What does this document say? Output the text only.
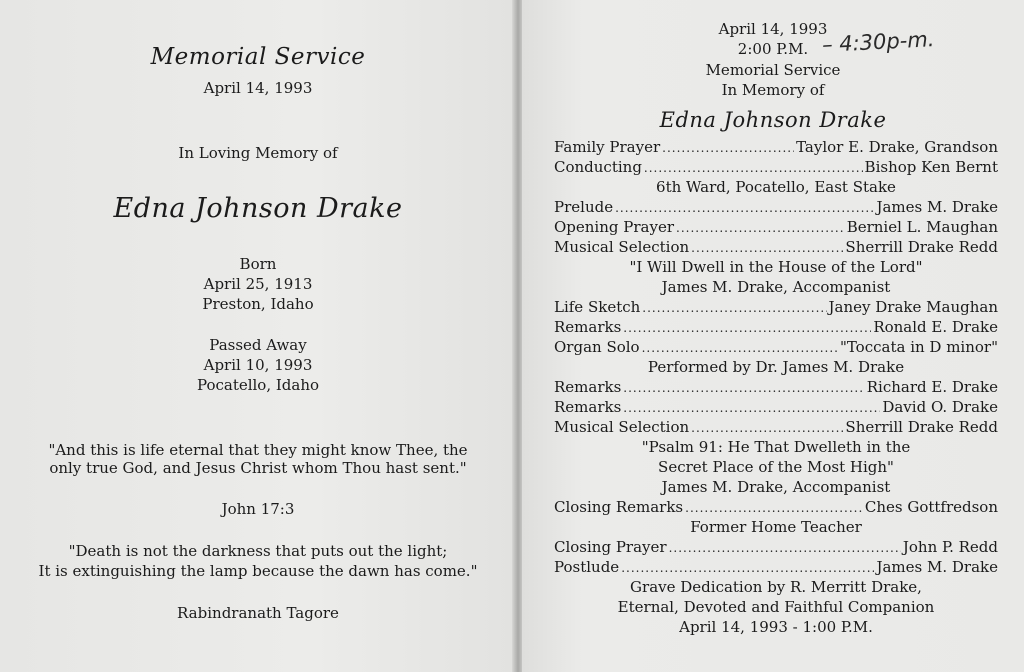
Memorial Service
April 14, 1993
In Loving Memory of
Edna Johnson Drake
Born
April 25, 1913
Preston, Idaho
Passed Away
April 10, 1993
Pocatello, Idaho
"And this is life eternal that they might know Thee, the
only true God, and Jesus Christ whom Thou hast sent."
John 17:3
"Death is not the darkness that puts out the light;
It is extinguishing the lamp because the dawn has come."
Rabindranath Tagore
April 14, 1993
2:00 P.M. – 4:30p-m.
Memorial Service
In Memory of
Edna Johnson Drake
Family Prayer .....	Taylor E. Drake, Grandson
Conducting .....	Bishop Ken Bernt
6th Ward, Pocatello, East Stake
Prelude .....	James M. Drake
Opening Prayer .....	Berniel L. Maughan
Musical Selection .....	Sherrill Drake Redd
"I Will Dwell in the House of the Lord"
James M. Drake, Accompanist
Life Sketch .....	Janey Drake Maughan
Remarks .....	Ronald E. Drake
Organ Solo .....	"Toccata in D minor"
Performed by Dr. James M. Drake
Remarks .....	Richard E. Drake
Remarks .....	David O. Drake
Musical Selection .....	Sherrill Drake Redd
"Psalm 91: He That Dwelleth in the
Secret Place of the Most High"
James M. Drake, Accompanist
Closing Remarks .....	Ches Gottfredson
Former Home Teacher
Closing Prayer .....	John P. Redd
Postlude .....	James M. Drake
Grave Dedication by R. Merritt Drake,
Eternal, Devoted and Faithful Companion
April 14, 1993 - 1:00 P.M.
